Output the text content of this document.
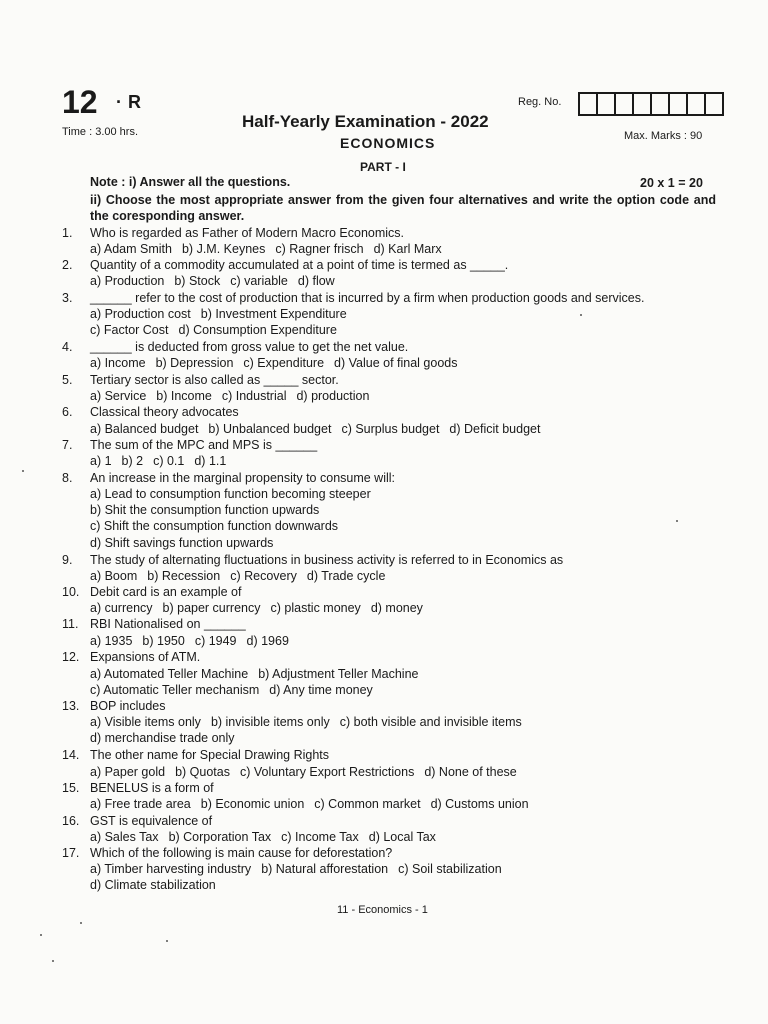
12 · R
Time : 3.00 hrs.
Half-Yearly Examination - 2022
ECONOMICS
Reg. No.
Max. Marks : 90
PART - I
Note : i) Answer all the questions.	20 x 1 = 20
ii) Choose the most appropriate answer from the given four alternatives and write the option code and the coresponding answer.
1. Who is regarded as Father of Modern Macro Economics.
a) Adam Smith b) J.M. Keynes c) Ragner frisch d) Karl Marx
2. Quantity of a commodity accumulated at a point of time is termed as _____.
a) Production b) Stock c) variable d) flow
3. ______ refer to the cost of production that is incurred by a firm when production goods and services.
a) Production cost b) Investment Expenditure
c) Factor Cost d) Consumption Expenditure
4. ______ is deducted from gross value to get the net value.
a) Income b) Depression c) Expenditure d) Value of final goods
5. Tertiary sector is also called as _____ sector.
a) Service b) Income c) Industrial d) production
6. Classical theory advocates
a) Balanced budget b) Unbalanced budget c) Surplus budget d) Deficit budget
7. The sum of the MPC and MPS is ______
a) 1 b) 2 c) 0.1 d) 1.1
8. An increase in the marginal propensity to consume will:
a) Lead to consumption function becoming steeper
b) Shit the consumption function upwards
c) Shift the consumption function downwards
d) Shift savings function upwards
9. The study of alternating fluctuations in business activity is referred to in Economics as
a) Boom b) Recession c) Recovery d) Trade cycle
10. Debit card is an example of
a) currency b) paper currency c) plastic money d) money
11. RBI Nationalised on ______
a) 1935 b) 1950 c) 1949 d) 1969
12. Expansions of ATM.
a) Automated Teller Machine b) Adjustment Teller Machine
c) Automatic Teller mechanism d) Any time money
13. BOP includes
a) Visible items only b) invisible items only c) both visible and invisible items
d) merchandise trade only
14. The other name for Special Drawing Rights
a) Paper gold b) Quotas c) Voluntary Export Restrictions d) None of these
15. BENELUS is a form of
a) Free trade area b) Economic union c) Common market d) Customs union
16. GST is equivalence of
a) Sales Tax b) Corporation Tax c) Income Tax d) Local Tax
17. Which of the following is main cause for deforestation?
a) Timber harvesting industry b) Natural afforestation c) Soil stabilization
d) Climate stabilization
11 - Economics - 1
